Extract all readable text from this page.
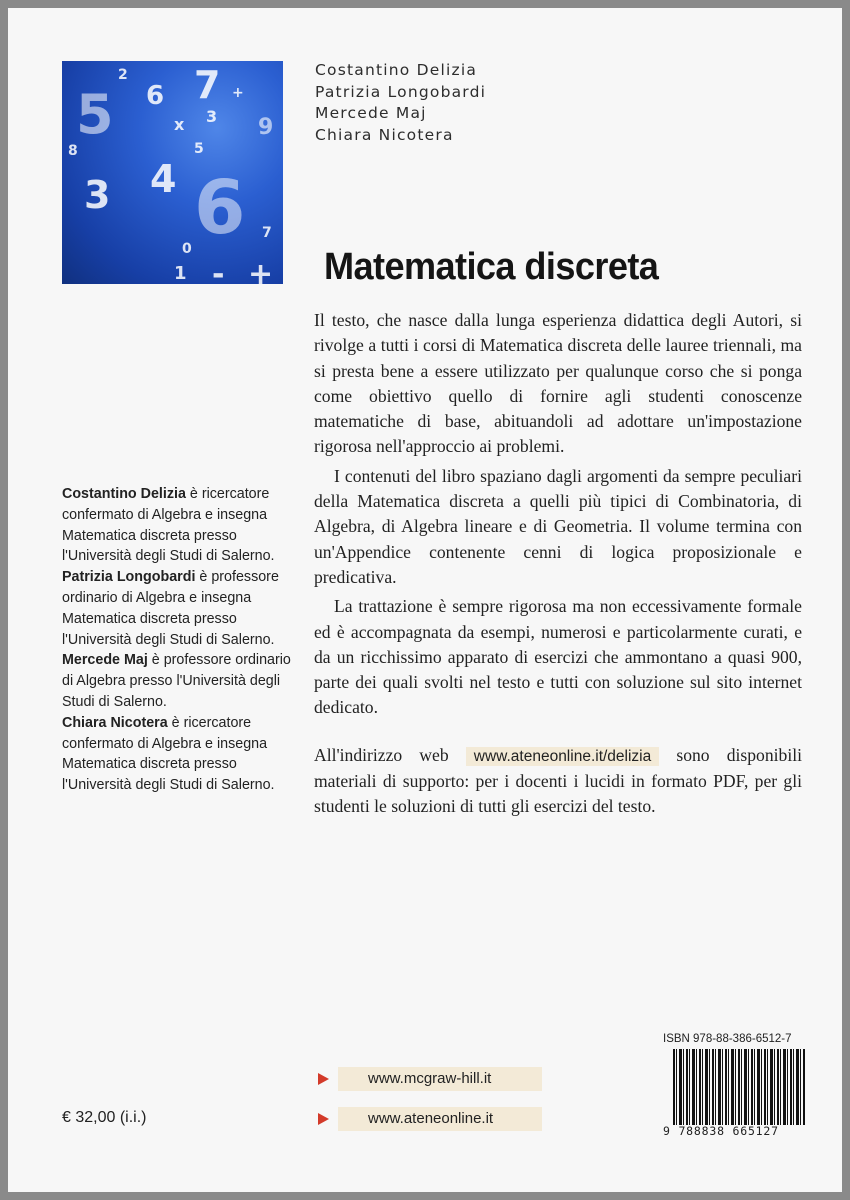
2 7
6
5	x 3 9
5
4 6
3
7
0
1
8
+
+
-
Costantino Delizia
Patrizia Longobardi
Mercede Maj
Chiara Nicotera
Matematica discreta

Il testo, che nasce dalla lunga esperienza didattica degli Autori, si rivolge a tutti i corsi di Matematica discreta delle lauree triennali, ma si presta bene a essere utilizzato per qualunque corso che si ponga come obiettivo quello di fornire agli studenti conoscenze matematiche di base, abituandoli ad adottare un'impostazione rigorosa nell'approccio ai problemi.

I contenuti del libro spaziano dagli argomenti da sempre peculiari della Matematica discreta a quelli più tipici di Combinatoria, di Algebra, di Algebra lineare e di Geometria. Il volume termina con un'Appendice contenente cenni di logica proposizionale e predicativa.

La trattazione è sempre rigorosa ma non eccessivamente formale ed è accompagnata da esempi, numerosi e particolarmente curati, e da un ricchissimo apparato di esercizi che ammontano a quasi 900, parte dei quali svolti nel testo e tutti con soluzione sul sito internet dedicato.

All'indirizzo web www.ateneonline.it/delizia sono disponibili materiali di supporto: per i docenti i lucidi in formato PDF, per gli studenti le soluzioni di tutti gli esercizi del testo.

Costantino Delizia è ricercatore confermato di Algebra e insegna Matematica discreta presso l'Università degli Studi di Salerno.

Patrizia Longobardi è professore ordinario di Algebra e insegna Matematica discreta presso l'Università degli Studi di Salerno.

Mercede Maj è professore ordinario di Algebra presso l'Università degli Studi di Salerno.

Chiara Nicotera è ricercatore confermato di Algebra e insegna Matematica discreta presso l'Università degli Studi di Salerno.

€ 32,00 (i.i.)
www.mcgraw-hill.it
www.ateneonline.it
ISBN 978-88-386-6512-7
9 788838 665127
